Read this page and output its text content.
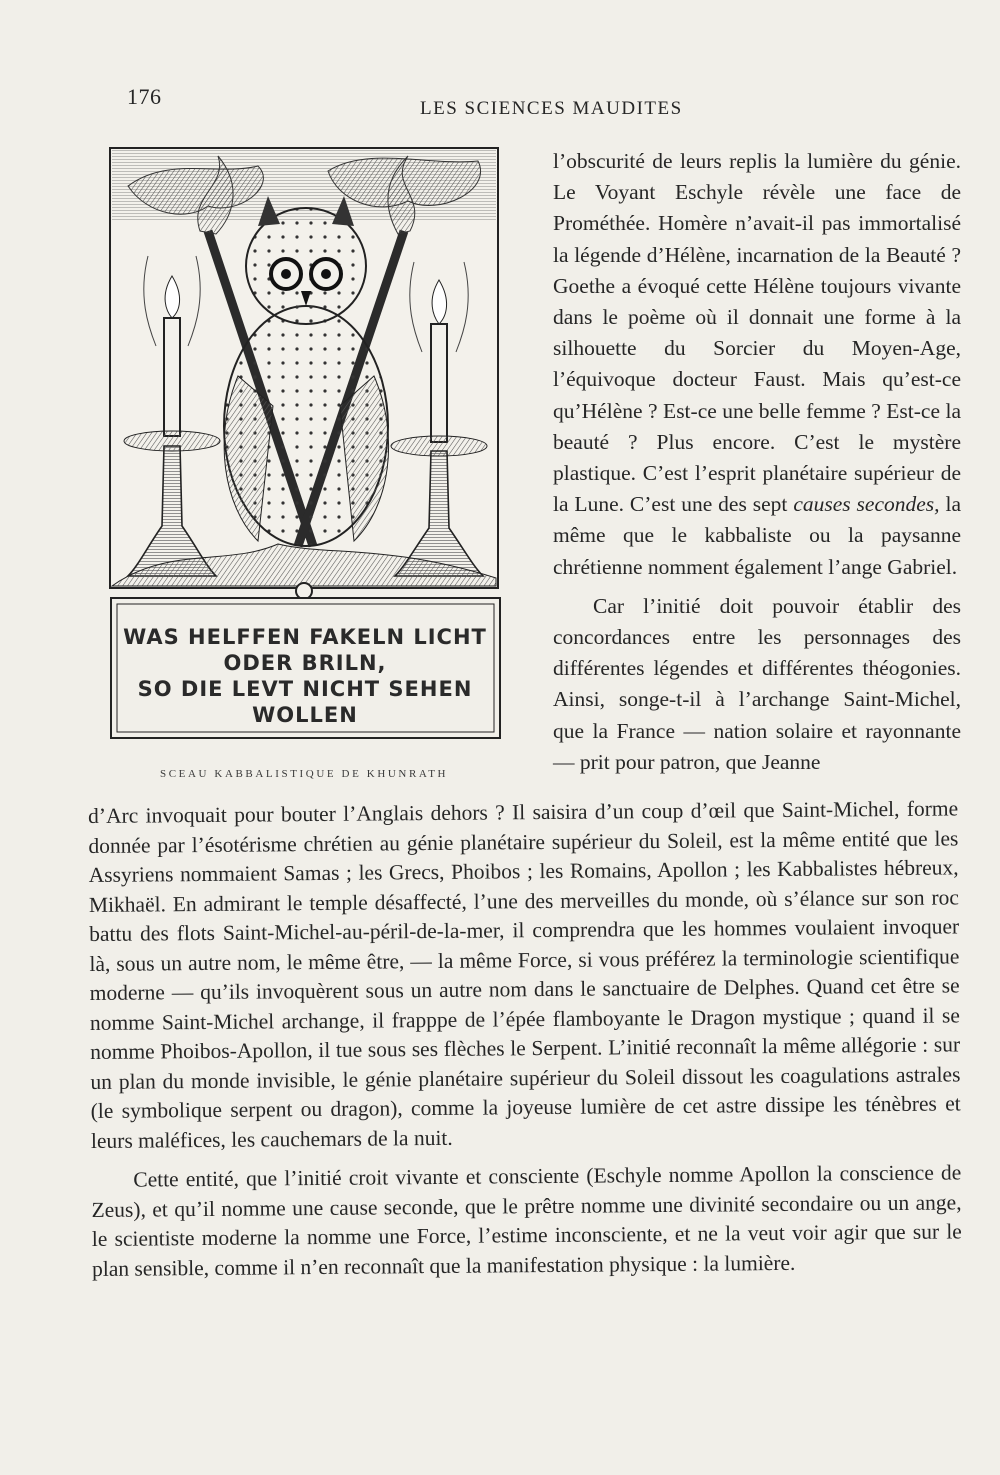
176	LES SCIENCES MAUDITES
WAS HELFFEN FAKELN LICHT
ODER BRILN,
SO DIE LEVT NICHT SEHEN
WOLLEN
SCEAU KABBALISTIQUE DE KHUNRATH

l’obscurité de leurs replis la lumière du génie. Le Voyant Eschyle révèle une face de Prométhée. Homère n’avait-il pas immortalisé la légende d’Hélène, incarnation de la Beauté ? Goethe a évoqué cette Hélène toujours vivante dans le poème où il donnait une forme à la silhouette du Sorcier du Moyen-Age, l’équivoque docteur Faust. Mais qu’est-ce qu’Hélène ? Est-ce une belle femme ? Est-ce la beauté ? Plus encore. C’est le mystère plastique. C’est l’esprit planétaire supérieur de la Lune. C’est une des sept causes secondes, la même que le kabbaliste ou la paysanne chrétienne nomment également l’ange Gabriel.

Car l’initié doit pouvoir établir des concordances entre les personnages des différentes légendes et différentes théogonies. Ainsi, songe-t-il à l’archange Saint-Michel, que la France — nation solaire et rayonnante — prit pour patron, que Jeanne

d’Arc invoquait pour bouter l’Anglais dehors ? Il saisira d’un coup d’œil que Saint-Michel, forme donnée par l’ésotérisme chrétien au génie planétaire supérieur du Soleil, est la même entité que les Assyriens nommaient Samas ; les Grecs, Phoibos ; les Romains, Apollon ; les Kabbalistes hébreux, Mikhaël. En admirant le temple désaffecté, l’une des merveilles du monde, où s’élance sur son roc battu des flots Saint-Michel-au-péril-de-la-mer, il comprendra que les hommes voulaient invoquer là, sous un autre nom, le même être, — la même Force, si vous préférez la terminologie scientifique moderne — qu’ils invoquèrent sous un autre nom dans le sanctuaire de Delphes. Quand cet être se nomme Saint-Michel archange, il frapppe de l’épée flamboyante le Dragon mystique ; quand il se nomme Phoibos-Apollon, il tue sous ses flèches le Serpent. L’initié reconnaît la même allégorie : sur un plan du monde invisible, le génie planétaire supérieur du Soleil dissout les coagulations astrales (le symbolique serpent ou dragon), comme la joyeuse lumière de cet astre dissipe les ténèbres et leurs maléfices, les cauchemars de la nuit.

Cette entité, que l’initié croit vivante et consciente (Eschyle nomme Apollon la conscience de Zeus), et qu’il nomme une cause seconde, que le prêtre nomme une divinité secondaire ou un ange, le scientiste moderne la nomme une Force, l’estime inconsciente, et ne la veut voir agir que sur le plan sensible, comme il n’en reconnaît que la manifestation physique : la lumière.
